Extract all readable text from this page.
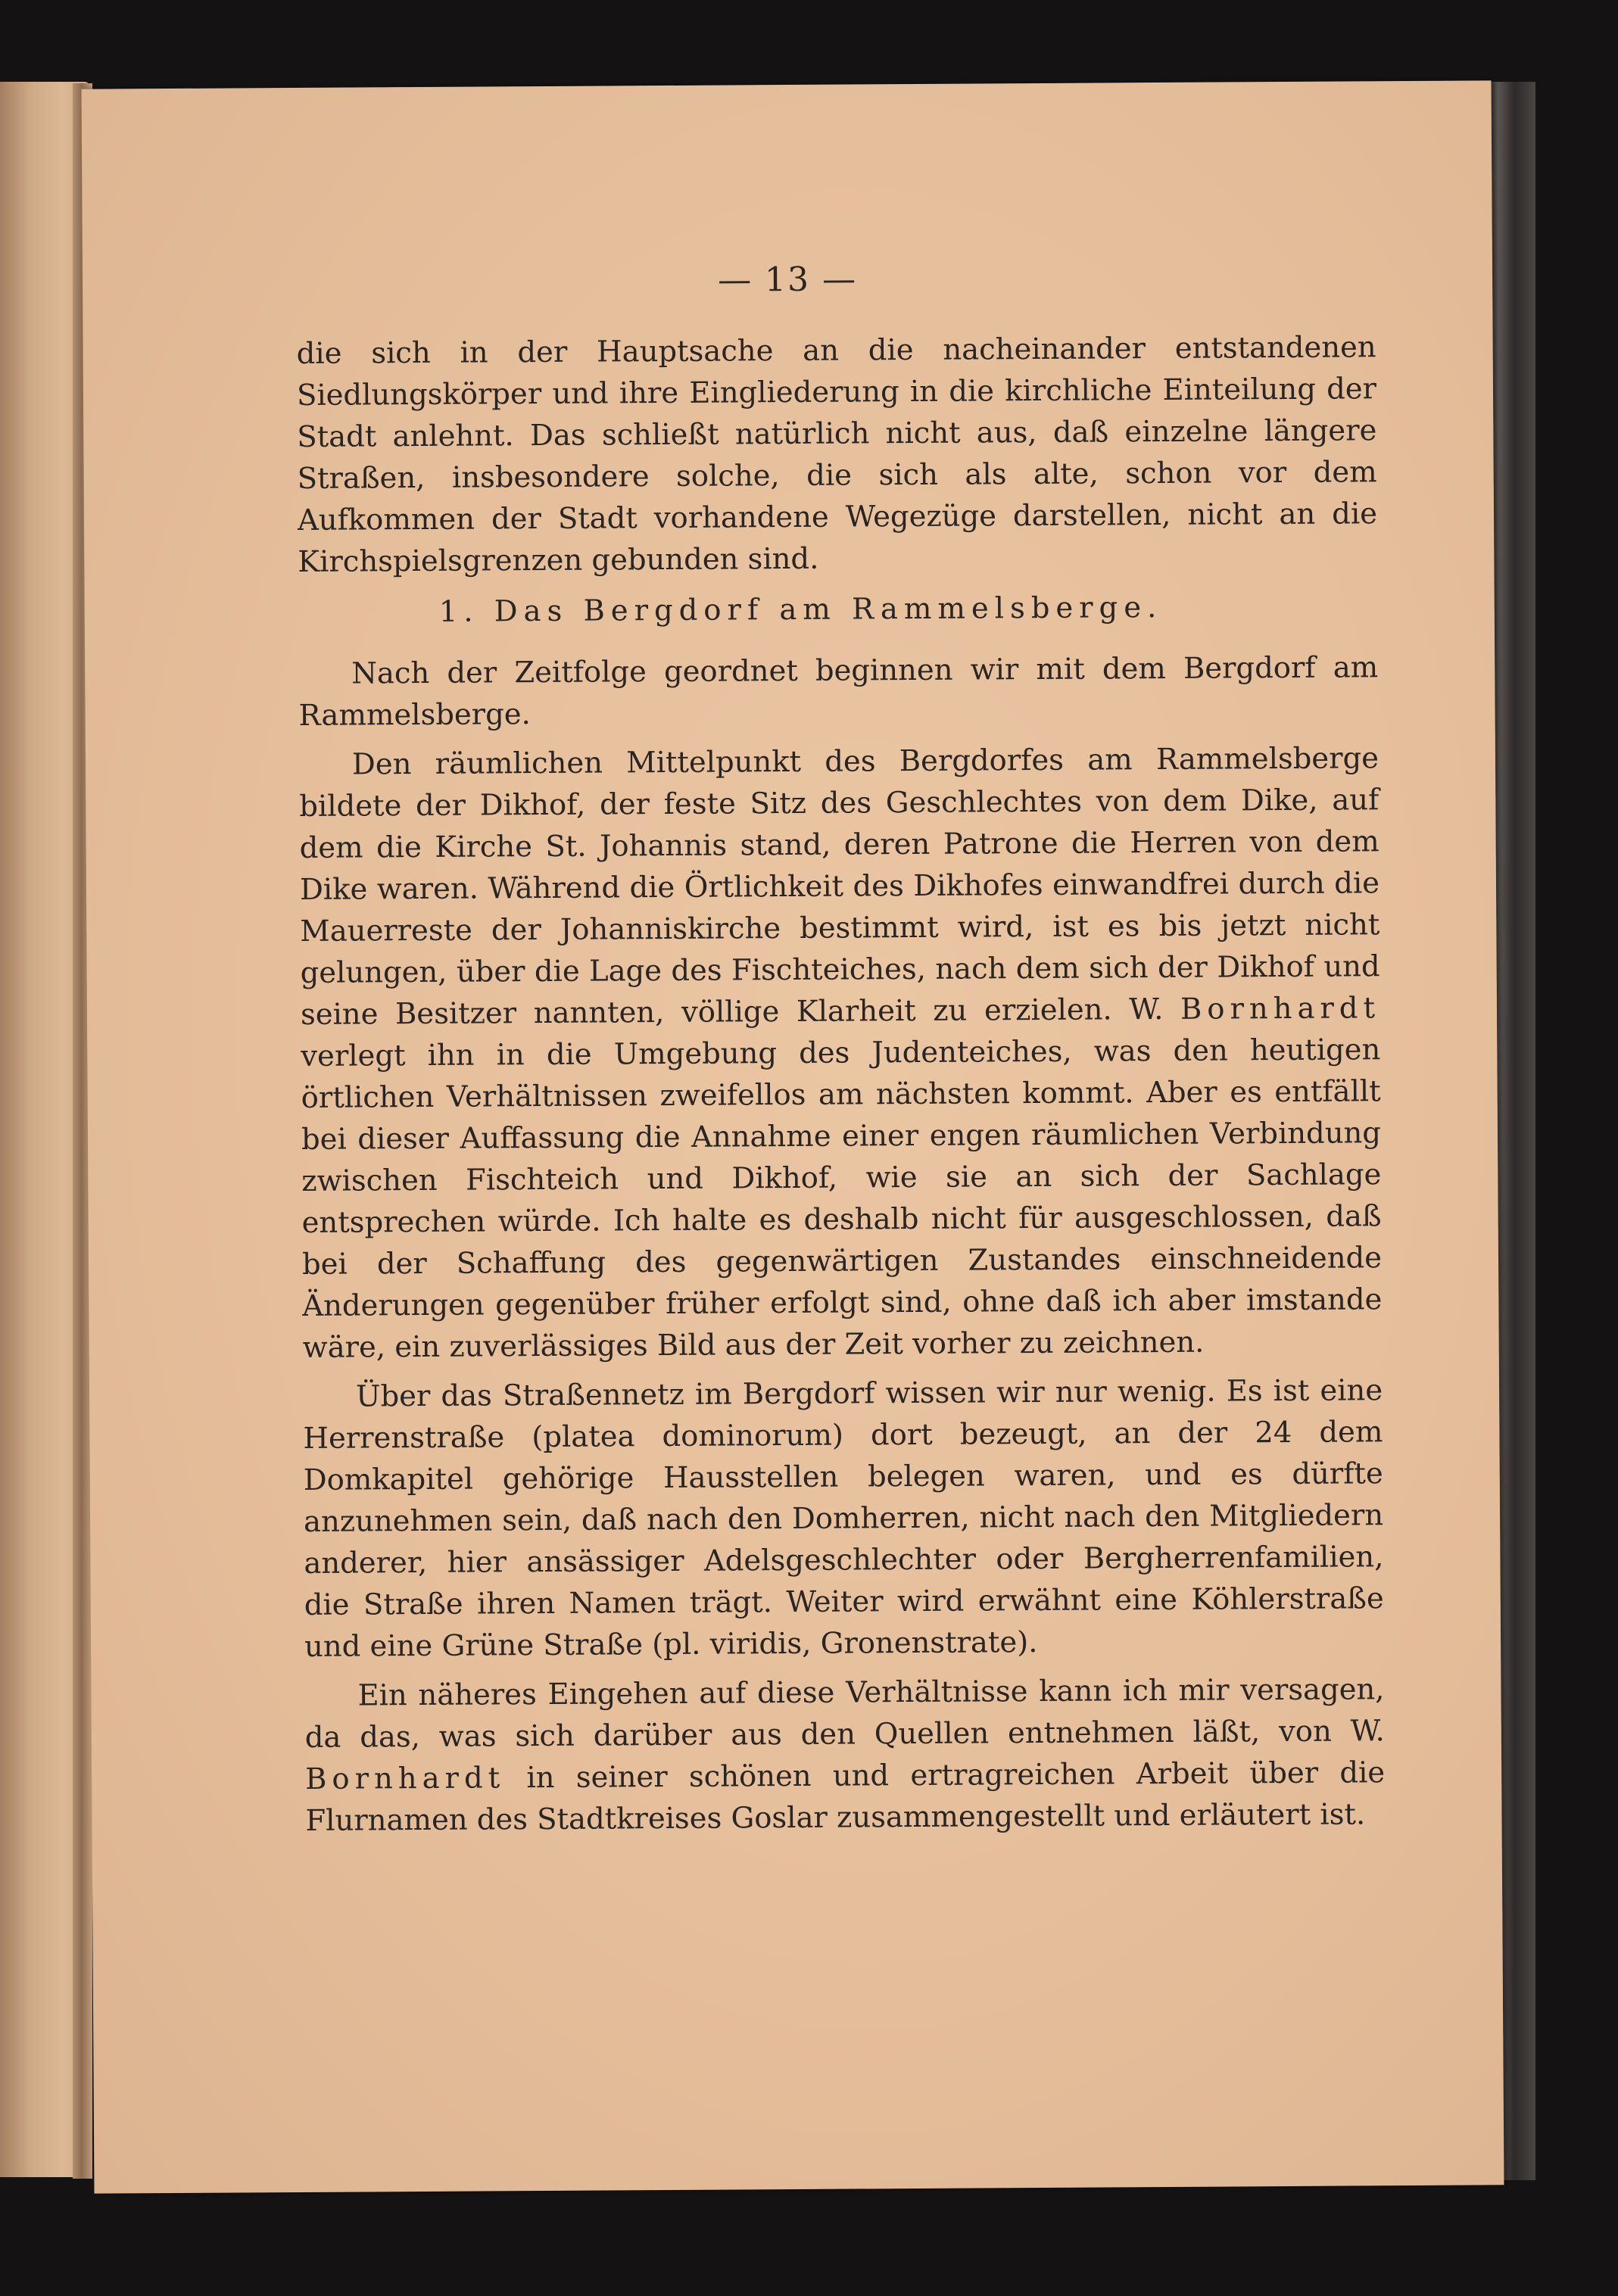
— 13 —

die sich in der Hauptsache an die nacheinander entstandenen Siedlungskörper und ihre Eingliederung in die kirchliche Einteilung der Stadt anlehnt. Das schließt natürlich nicht aus, daß einzelne längere Straßen, insbesondere solche, die sich als alte, schon vor dem Aufkommen der Stadt vorhandene Wegezüge darstellen, nicht an die Kirchspielsgrenzen gebunden sind.

1. Das Bergdorf am Rammelsberge.

Nach der Zeitfolge geordnet beginnen wir mit dem Bergdorf am Rammelsberge.

Den räumlichen Mittelpunkt des Bergdorfes am Rammelsberge bildete der Dikhof, der feste Sitz des Geschlechtes von dem Dike, auf dem die Kirche St. Johannis stand, deren Patrone die Herren von dem Dike waren. Während die Örtlichkeit des Dikhofes einwandfrei durch die Mauerreste der Johanniskirche bestimmt wird, ist es bis jetzt nicht gelungen, über die Lage des Fischteiches, nach dem sich der Dikhof und seine Besitzer nannten, völlige Klarheit zu erzielen. W. Bornhardt verlegt ihn in die Umgebung des Judenteiches, was den heutigen örtlichen Verhältnissen zweifellos am nächsten kommt. Aber es entfällt bei dieser Auffassung die Annahme einer engen räumlichen Verbindung zwischen Fischteich und Dikhof, wie sie an sich der Sachlage entsprechen würde. Ich halte es deshalb nicht für ausgeschlossen, daß bei der Schaffung des gegenwärtigen Zustandes einschneidende Änderungen gegenüber früher erfolgt sind, ohne daß ich aber imstande wäre, ein zuverlässiges Bild aus der Zeit vorher zu zeichnen.

Über das Straßennetz im Bergdorf wissen wir nur wenig. Es ist eine Herrenstraße (platea dominorum) dort bezeugt, an der 24 dem Domkapitel gehörige Hausstellen belegen waren, und es dürfte anzunehmen sein, daß nach den Domherren, nicht nach den Mitgliedern anderer, hier ansässiger Adelsgeschlechter oder Bergherrenfamilien, die Straße ihren Namen trägt. Weiter wird erwähnt eine Köhlerstraße und eine Grüne Straße (pl. viridis, Gronenstrate).

Ein näheres Eingehen auf diese Verhältnisse kann ich mir versagen, da das, was sich darüber aus den Quellen entnehmen läßt, von W. Bornhardt in seiner schönen und ertragreichen Arbeit über die Flurnamen des Stadtkreises Goslar zusammengestellt und erläutert ist.
